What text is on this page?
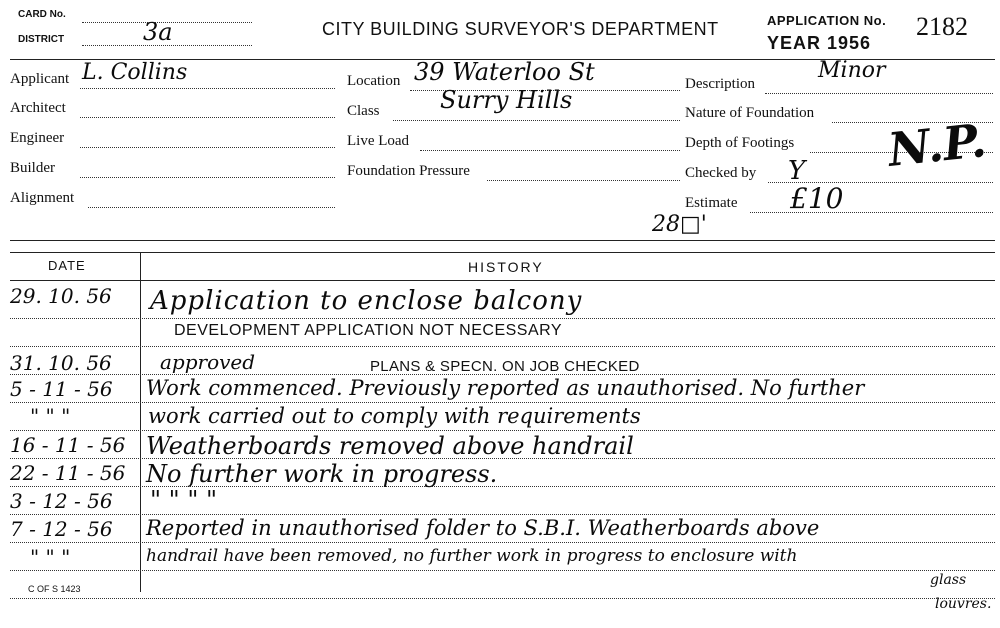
CARD No.
DISTRICT	3a	CITY BUILDING SURVEYOR'S DEPARTMENT	APPLICATION No. 2182
YEAR 1956
Applicant L. Collins
Architect
Engineer
Builder
Alignment
Location 39 Waterloo St
Class	Surry Hills
Live Load
Foundation Pressure
Description
Minor
Nature of Foundation
Depth of Footings
Checked by Y
Estimate £10
N.P.
28□'
DATE	HISTORY
29. 10. 56 Application to enclose balcony
DEVELOPMENT APPLICATION NOT NECESSARY
31. 10. 56 approved	PLANS & SPECN. ON JOB CHECKED
5 - 11 - 56 Work commenced. Previously reported as unauthorised. No further
" " "	work carried out to comply with requirements
16 - 11 - 56 Weatherboards removed above handrail
22 - 11 - 56 No further work in progress.
3 - 12 - 56 " " " "
7 - 12 - 56 Reported in unauthorised folder to S.B.I. Weatherboards above
" " "	handrail have been removed, no further work in progress to enclosure with
glass
louvres.
C OF S 1423
